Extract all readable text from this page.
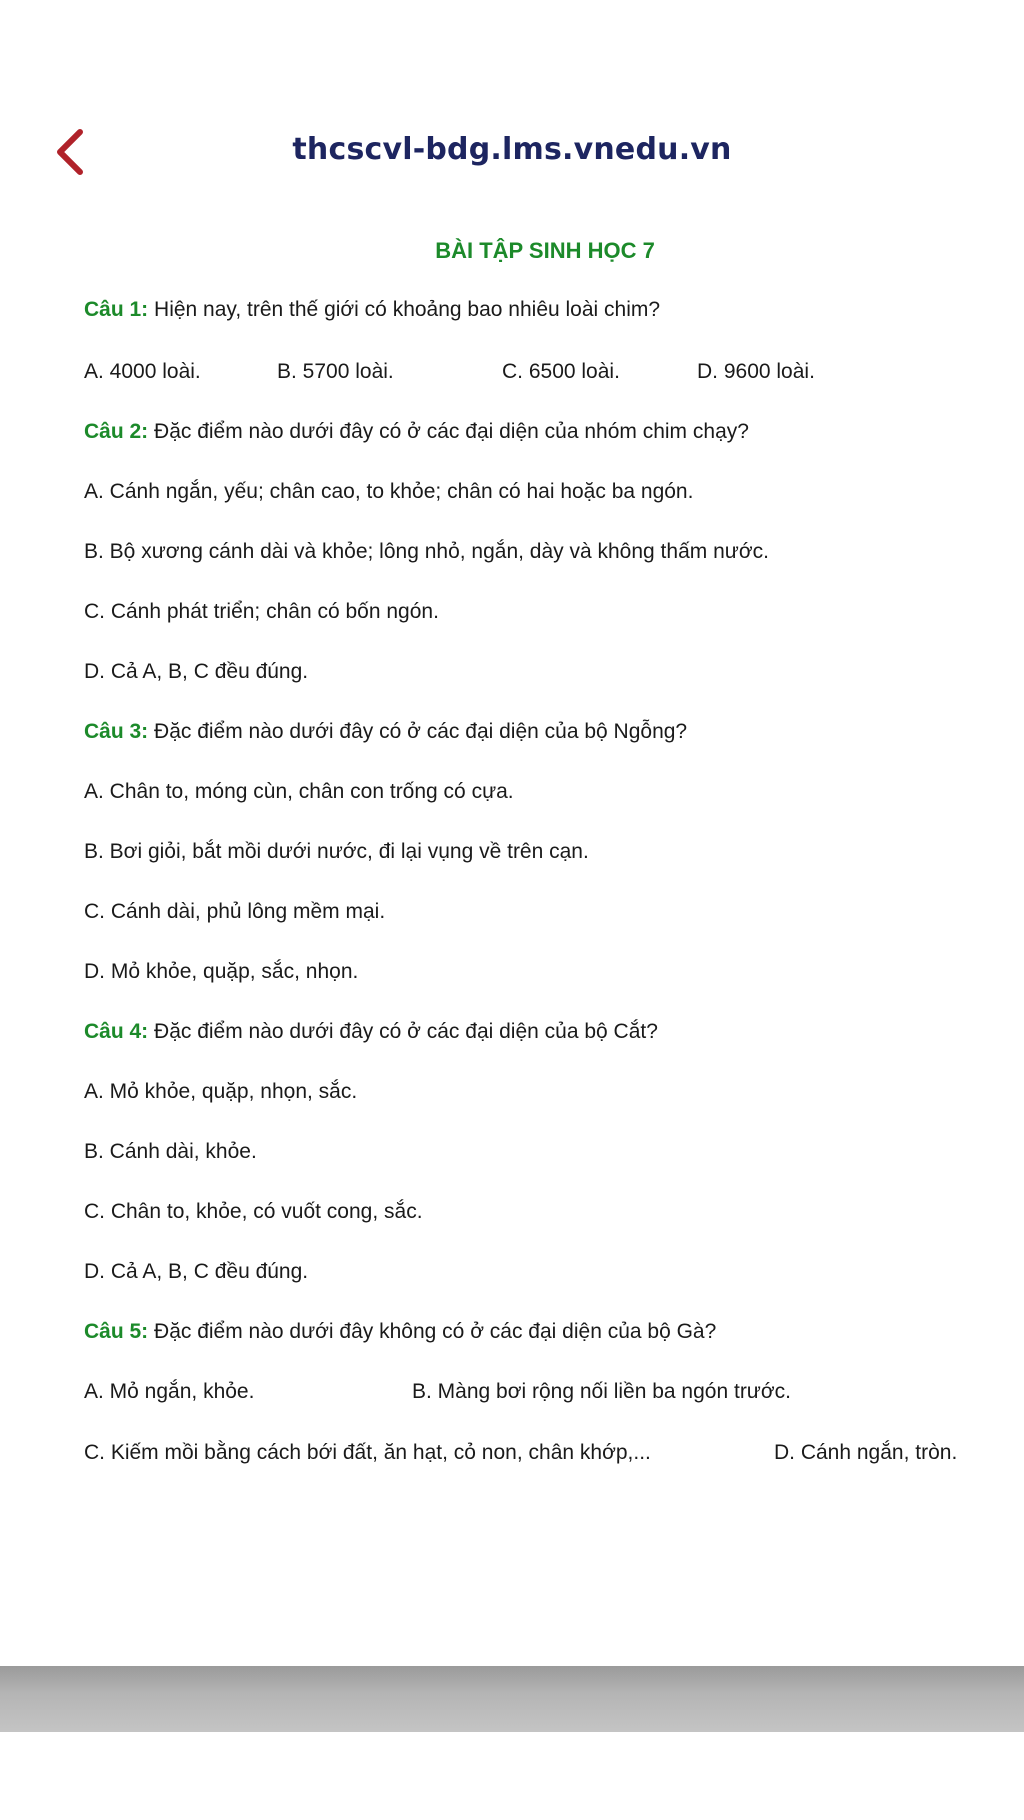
thcscvl-bdg.lms.vnedu.vn
BÀI TẬP SINH HỌC 7
Câu 1: Hiện nay, trên thế giới có khoảng bao nhiêu loài chim?
A. 4000 loài.	B. 5700 loài.	C. 6500 loài.	D. 9600 loài.
Câu 2: Đặc điểm nào dưới đây có ở các đại diện của nhóm chim chạy?
A. Cánh ngắn, yếu; chân cao, to khỏe; chân có hai hoặc ba ngón.
B. Bộ xương cánh dài và khỏe; lông nhỏ, ngắn, dày và không thấm nước.
C. Cánh phát triển; chân có bốn ngón.
D. Cả A, B, C đều đúng.
Câu 3: Đặc điểm nào dưới đây có ở các đại diện của bộ Ngỗng?
A. Chân to, móng cùn, chân con trống có cựa.
B. Bơi giỏi, bắt mồi dưới nước, đi lại vụng về trên cạn.
C. Cánh dài, phủ lông mềm mại.
D. Mỏ khỏe, quặp, sắc, nhọn.
Câu 4: Đặc điểm nào dưới đây có ở các đại diện của bộ Cắt?
A. Mỏ khỏe, quặp, nhọn, sắc.
B. Cánh dài, khỏe.
C. Chân to, khỏe, có vuốt cong, sắc.
D. Cả A, B, C đều đúng.
Câu 5: Đặc điểm nào dưới đây không có ở các đại diện của bộ Gà?
A. Mỏ ngắn, khỏe.	B. Màng bơi rộng nối liền ba ngón trước.
C. Kiếm mồi bằng cách bới đất, ăn hạt, cỏ non, chân khớp,...	D. Cánh ngắn, tròn.
